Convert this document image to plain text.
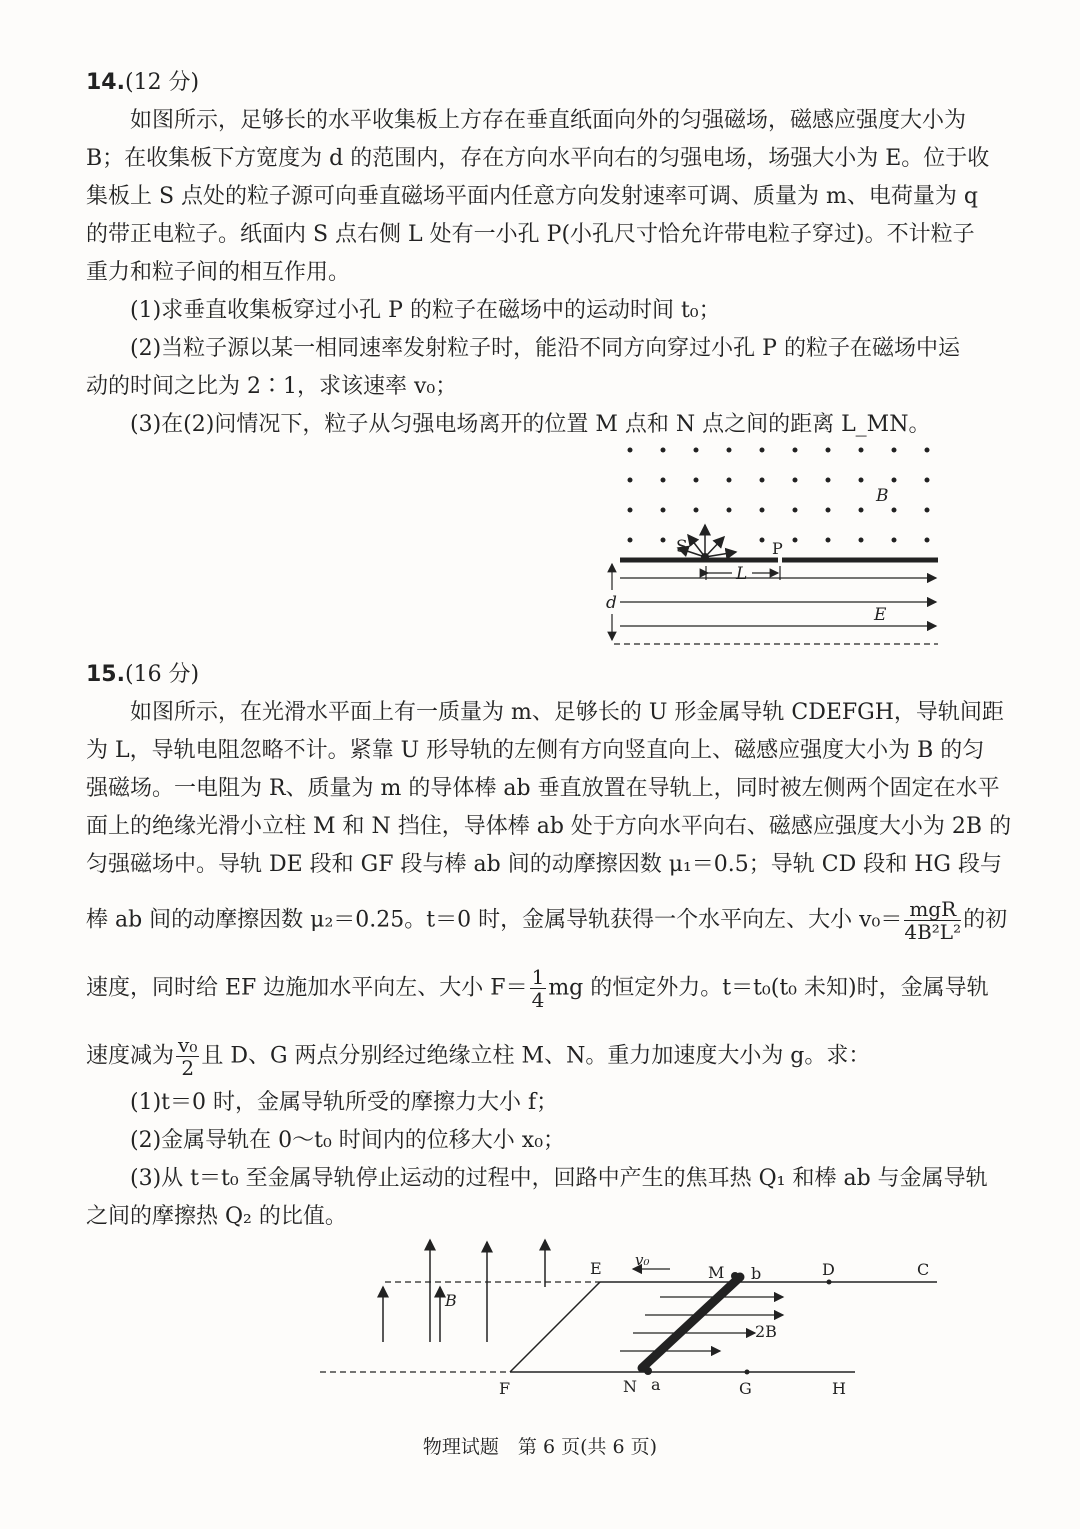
14.(12 分)
如图所示，足够长的水平收集板上方存在垂直纸面向外的匀强磁场，磁感应强度大小为
B；在收集板下方宽度为 d 的范围内，存在方向水平向右的匀强电场，场强大小为 E。位于收
集板上 S 点处的粒子源可向垂直磁场平面内任意方向发射速率可调、质量为 m、电荷量为 q
的带正电粒子。纸面内 S 点右侧 L 处有一小孔 P(小孔尺寸恰允许带电粒子穿过)。不计粒子
重力和粒子间的相互作用。
(1)求垂直收集板穿过小孔 P 的粒子在磁场中的运动时间 t₀；
(2)当粒子源以某一相同速率发射粒子时，能沿不同方向穿过小孔 P 的粒子在磁场中运
动的时间之比为 2∶1，求该速率 v₀；
(3)在(2)问情况下，粒子从匀强电场离开的位置 M 点和 N 点之间的距离 L_MN。
B
S	P
L
E
d
15.(16 分)
如图所示，在光滑水平面上有一质量为 m、足够长的 U 形金属导轨 CDEFGH，导轨间距
为 L，导轨电阻忽略不计。紧靠 U 形导轨的左侧有方向竖直向上、磁感应强度大小为 B 的匀
强磁场。一电阻为 R、质量为 m 的导体棒 ab 垂直放置在导轨上，同时被左侧两个固定在水平
面上的绝缘光滑小立柱 M 和 N 挡住，导体棒 ab 处于方向水平向右、磁感应强度大小为 2B 的
匀强磁场中。导轨 DE 段和 GF 段与棒 ab 间的动摩擦因数 μ₁＝0.5；导轨 CD 段和 HG 段与
棒 ab 间的动摩擦因数 μ₂＝0.25。t＝0 时，金属导轨获得一个水平向左、大小 $v_0= \frac{\text{mgR}}{\text{4B²L²}}$ 的初
速度，同时给 EF 边施加水平向左、大小 $F= \frac{1}{4}$ mg 的恒定外力。t＝t₀(t₀ 未知)时，金属导轨
速度减为 $\frac{\text{v₀}}{2}$ 且 D、G 两点分别经过绝缘立柱 M、N。重力加速度大小为 g。求：
(1)t＝0 时，金属导轨所受的摩擦力大小 f；
(2)金属导轨在 0～t₀ 时间内的位移大小 x₀；
(3)从 t＝t₀ 至金属导轨停止运动的过程中，回路中产生的焦耳热 Q₁ 和棒 ab 与金属导轨
之间的摩擦热 Q₂ 的比值。
B
v₀
2B
E	M b	D	C
F	N a	G	H
物理试题　第 6 页(共 6 页)
